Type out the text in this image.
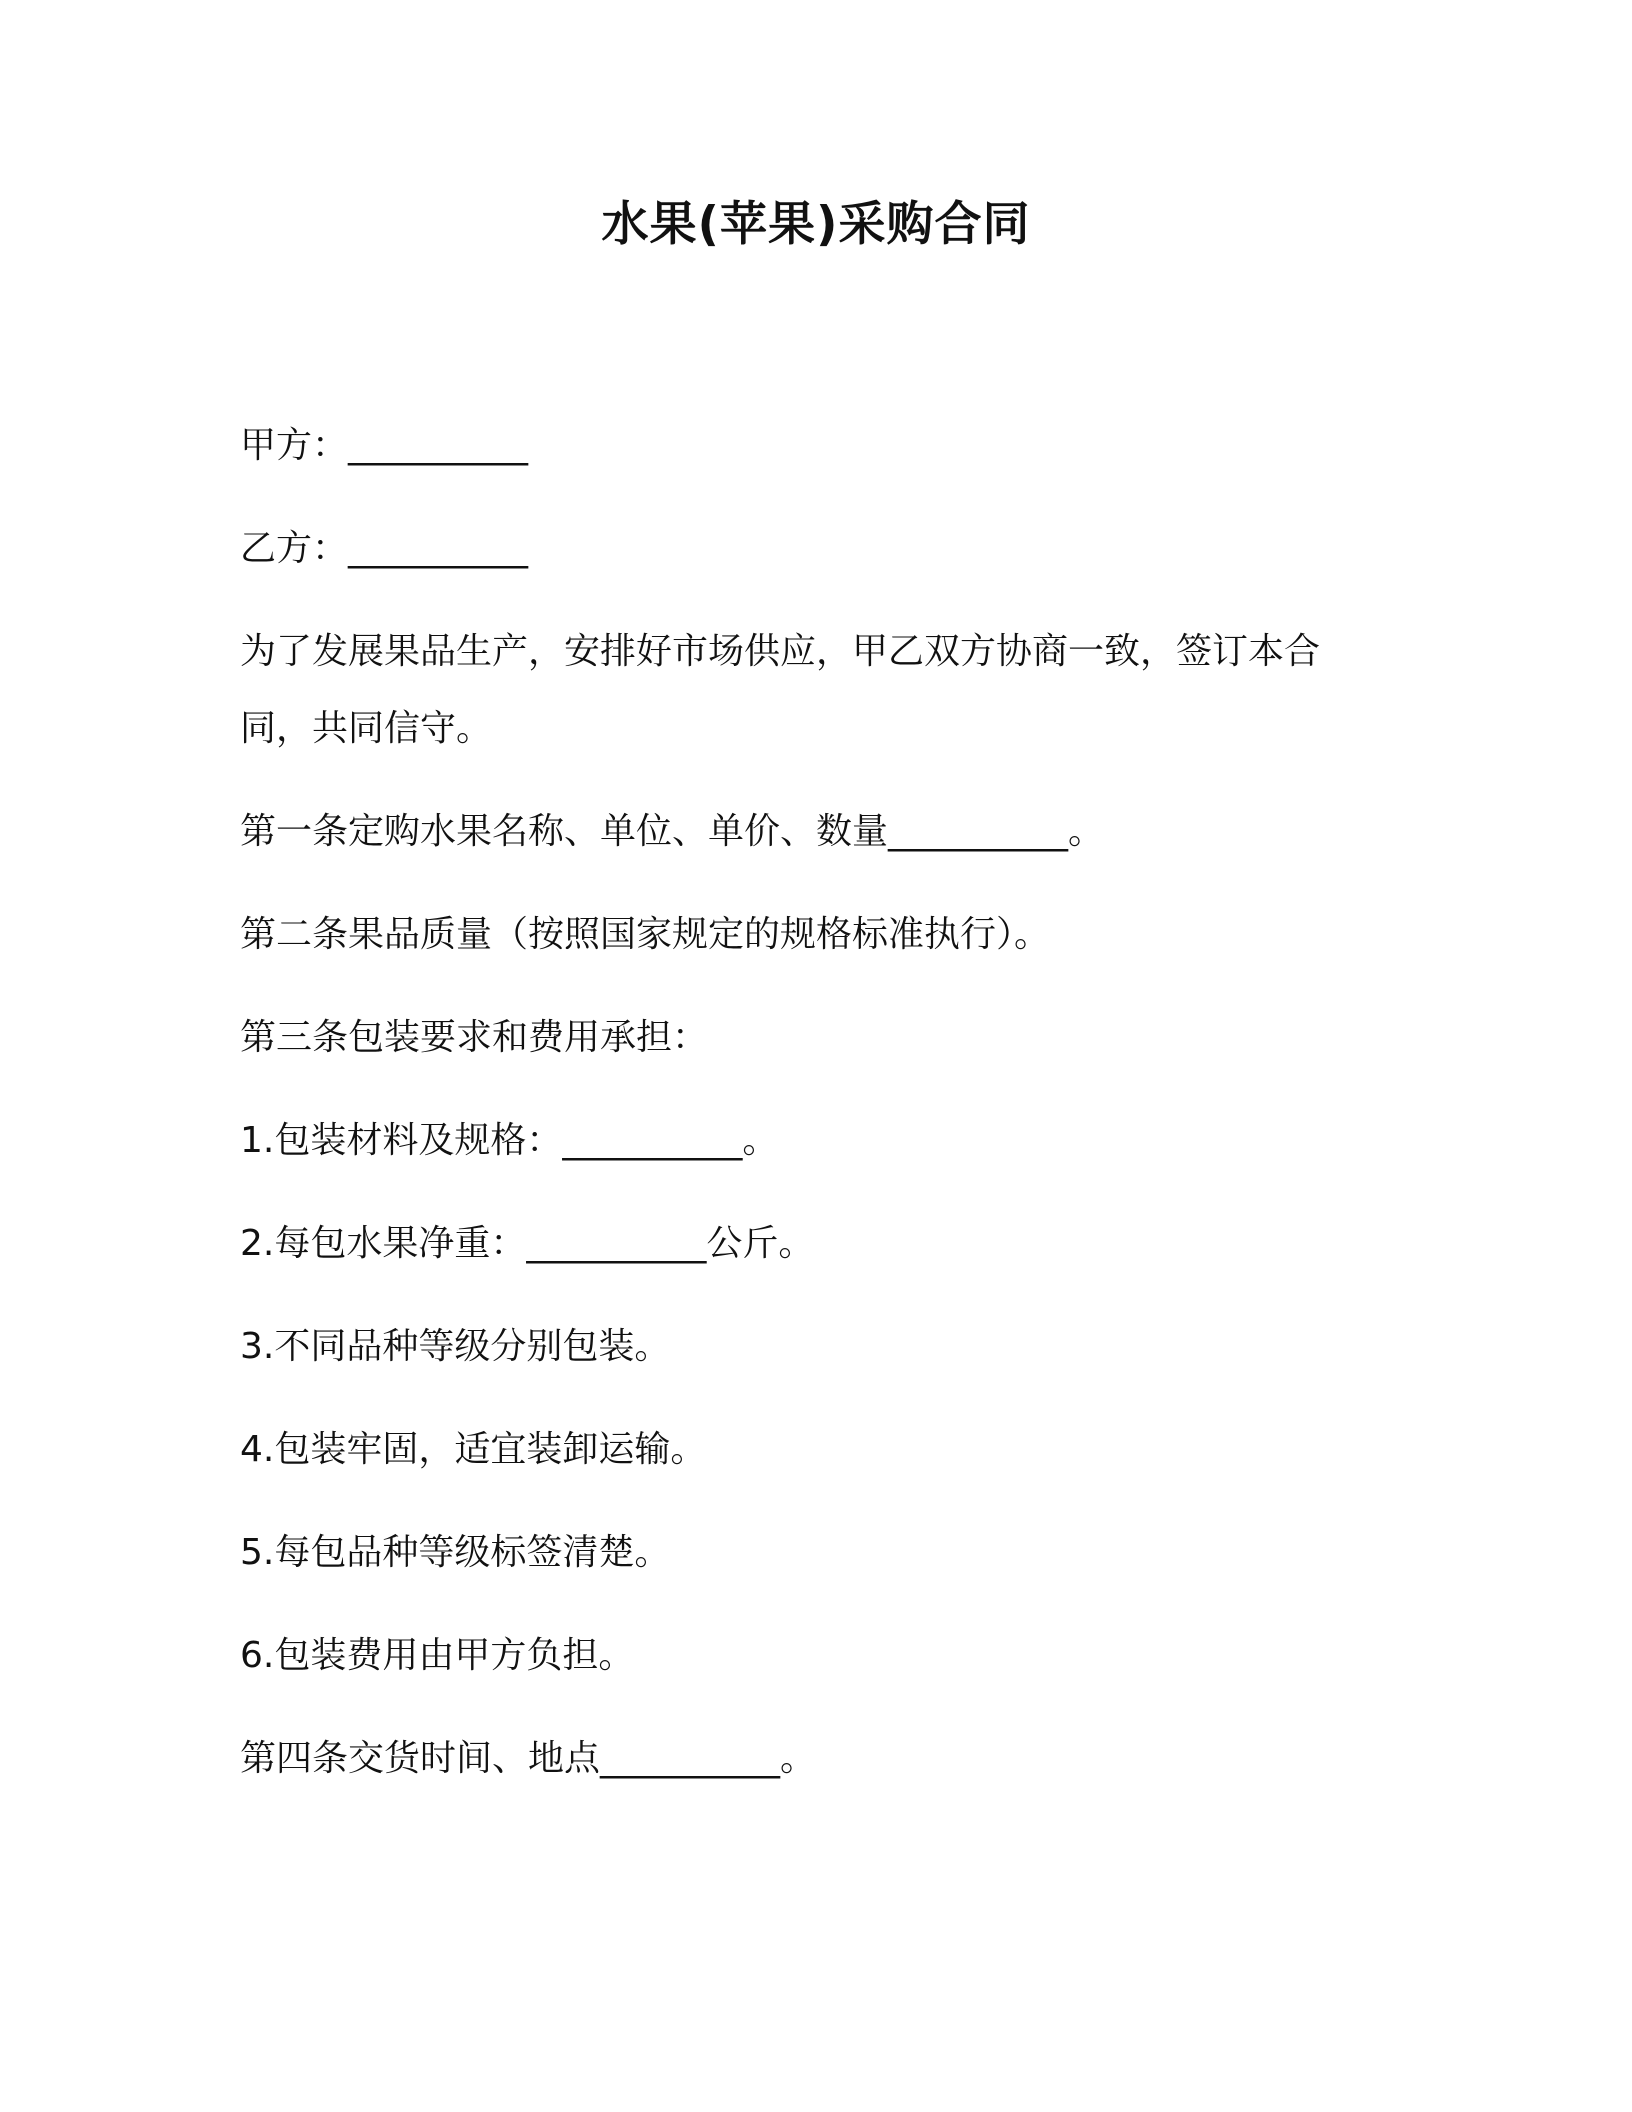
水果(苹果)采购合同
甲方：__________
乙方：__________
为了发展果品生产，安排好市场供应，甲乙双方协商一致，签订本合
同，共同信守。
第一条定购水果名称、单位、单价、数量__________。
第二条果品质量（按照国家规定的规格标准执行）。
第三条包装要求和费用承担：
1.包装材料及规格：__________。
2.每包水果净重：__________公斤。
3.不同品种等级分别包装。
4.包装牢固，适宜装卸运输。
5.每包品种等级标签清楚。
6.包装费用由甲方负担。
第四条交货时间、地点__________。
